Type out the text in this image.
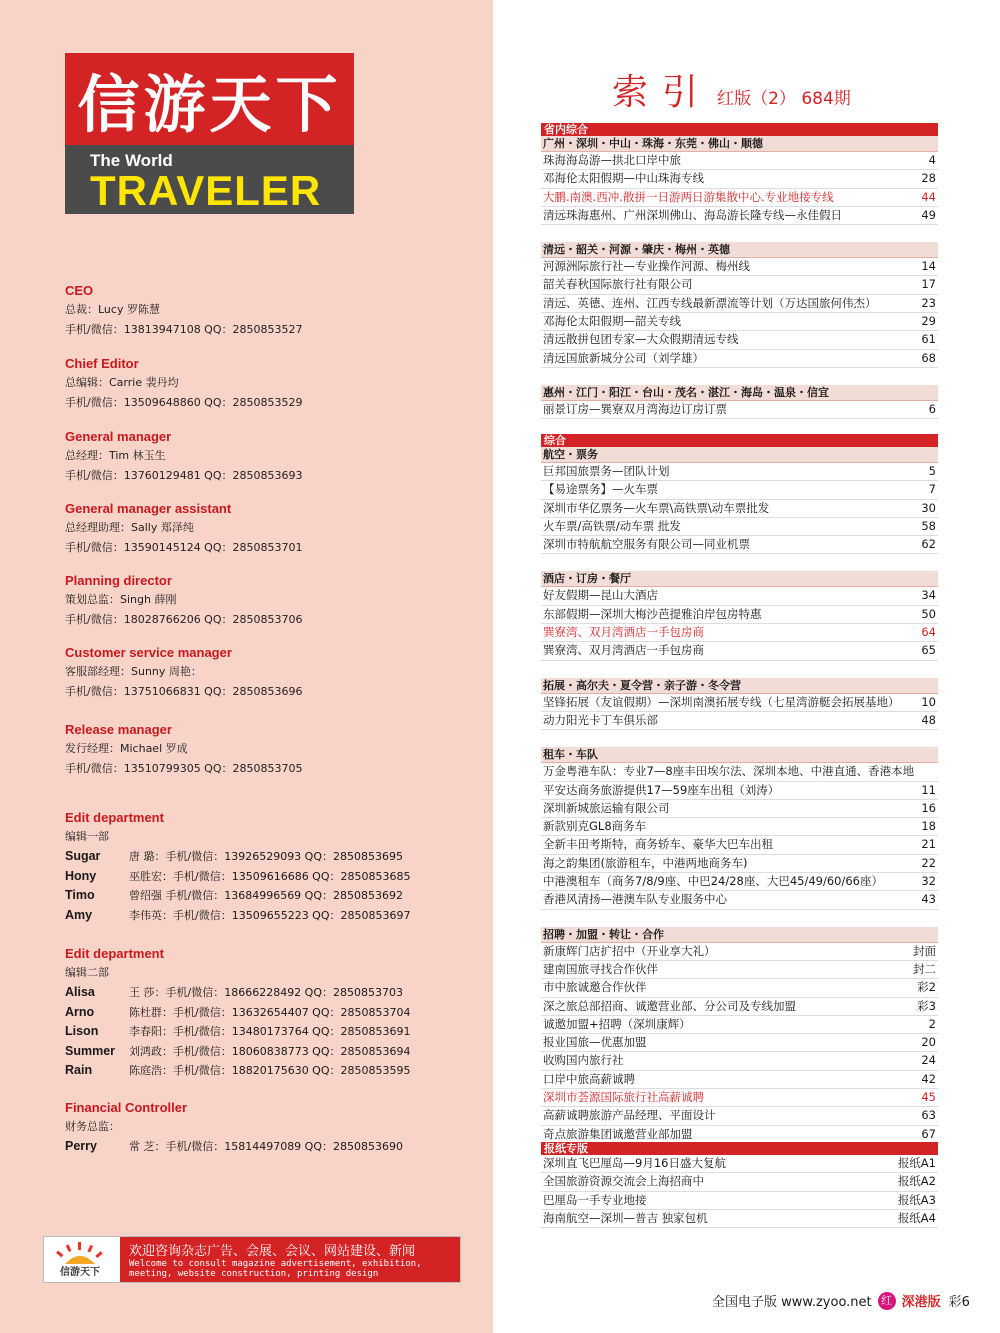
信游天下
The World
TRAVELER
CEO
总裁：Lucy 罗陈慧
手机/微信：13813947108 QQ：2850853527
Chief Editor
总编辑：Carrie 裴丹均
手机/微信：13509648860 QQ：2850853529
General manager
总经理：Tim 林玉生
手机/微信：13760129481 QQ：2850853693
General manager assistant
总经理助理：Sally 郑泽纯
手机/微信：13590145124 QQ：2850853701
Planning director
策划总监：Singh 薛刚
手机/微信：18028766206 QQ：2850853706
Customer service manager
客服部经理：Sunny 周艳：
手机/微信：13751066831 QQ：2850853696
Release manager
发行经理：Michael 罗成
手机/微信：13510799305 QQ：2850853705
Edit department
编辑一部
Sugar	唐 璐：手机/微信：13926529093 QQ：2850853695
Hony	巫胜宏：手机/微信：13509616686 QQ：2850853685
Timo	曾绍强 手机/微信：13684996569 QQ：2850853692
Amy	李伟英：手机/微信：13509655223 QQ：2850853697
Edit department
编辑二部
Alisa	王 莎：手机/微信：18666228492 QQ：2850853703
Arno	陈杜群：手机/微信：13632654407 QQ：2850853704
Lison	李春阳：手机/微信：13480173764 QQ：2850853691
Summer 刘鸿政：手机/微信：18060838773 QQ：2850853694
Rain	陈庭浩：手机/微信：18820175630 QQ：2850853595
Financial Controller
财务总监：
Perry	常 芝：手机/微信：15814497089 QQ：2850853690
信游天下
欢迎咨询杂志广告、会展、会议、网站建设、新闻
Welcome to consult magazine advertisement, exhibition, meeting, website construction, printing design
索引 红版（2） 684期
省内综合
广州・深圳・中山・珠海・东莞・佛山・顺德
珠海海岛游—拱北口岸中旅	4
邓海伦太阳假期—中山珠海专线	28
大鹏.南澳.西冲.散拼一日游两日游集散中心.专业地接专线	44
清远珠海惠州、广州深圳佛山、海岛游长隆专线—永佳假日	49
清远・韶关・河源・肇庆・梅州・英德
河源洲际旅行社—专业操作河源、梅州线	14
韶关春秋国际旅行社有限公司	17
清远、英德、连州、江西专线最新漂流等计划（万达国旅何伟杰）	23
邓海伦太阳假期—韶关专线	29
清远散拼包团专家—大众假期清远专线	61
清远国旅新城分公司（刘学雄）	68
惠州・江门・阳江・台山・茂名・湛江・海岛・温泉・信宜
丽景订房—巽寮双月湾海边订房订票	6
综合
航空・票务
巨邦国旅票务—团队计划	5
【易途票务】—火车票	7
深圳市华亿票务—火车票\高铁票\动车票批发	30
火车票/高铁票/动车票 批发	58
深圳市特航航空服务有限公司—同业机票	62
酒店・订房・餐厅
好友假期—昆山大酒店	34
东部假期—深圳大梅沙芭提雅泊岸包房特惠	50
巽寮湾、双月湾酒店一手包房商	64
巽寮湾、双月湾酒店一手包房商	65
拓展・高尔夫・夏令营・亲子游・冬令营
坚锋拓展（友谊假期）—深圳南澳拓展专线（七星湾游艇会拓展基地） 10
动力阳光卡丁车俱乐部	48
租车・车队
万金粤港车队：专业7—8座丰田埃尔法、深圳本地、中港直通、香港本地
平安达商务旅游提供17—59座车出租（刘涛）	11
深圳新城旅运输有限公司	16
新款别克GL8商务车	18
全新丰田考斯特，商务轿车、豪华大巴车出租	21
海之韵集团(旅游租车，中港两地商务车)	22
中港澳租车（商务7/8/9座、中巴24/28座、大巴45/49/60/66座）	32
香港风清扬—港澳车队专业服务中心	43
招聘・加盟・转让・合作
新康辉门店扩招中（开业享大礼）	封面
建南国旅寻找合作伙伴	封二
市中旅诚邀合作伙伴	彩2
深之旅总部招商、诚邀营业部、分公司及专线加盟	彩3
诚邀加盟+招聘（深圳康辉）	2
报业国旅—优惠加盟	20
收购国内旅行社	24
口岸中旅高薪诚聘	42
深圳市荟源国际旅行社高薪诚聘	45
高薪诚聘旅游产品经理、平面设计	63
奇点旅游集团诚邀营业部加盟	67
报纸专版
深圳直飞巴厘岛—9月16日盛大复航	报纸A1
全国旅游资源交流会上海招商中	报纸A2
巴厘岛一手专业地接	报纸A3
海南航空—深圳—普吉 独家包机	报纸A4
全国电子版 www.zyoo.net 红 深港版 彩6
